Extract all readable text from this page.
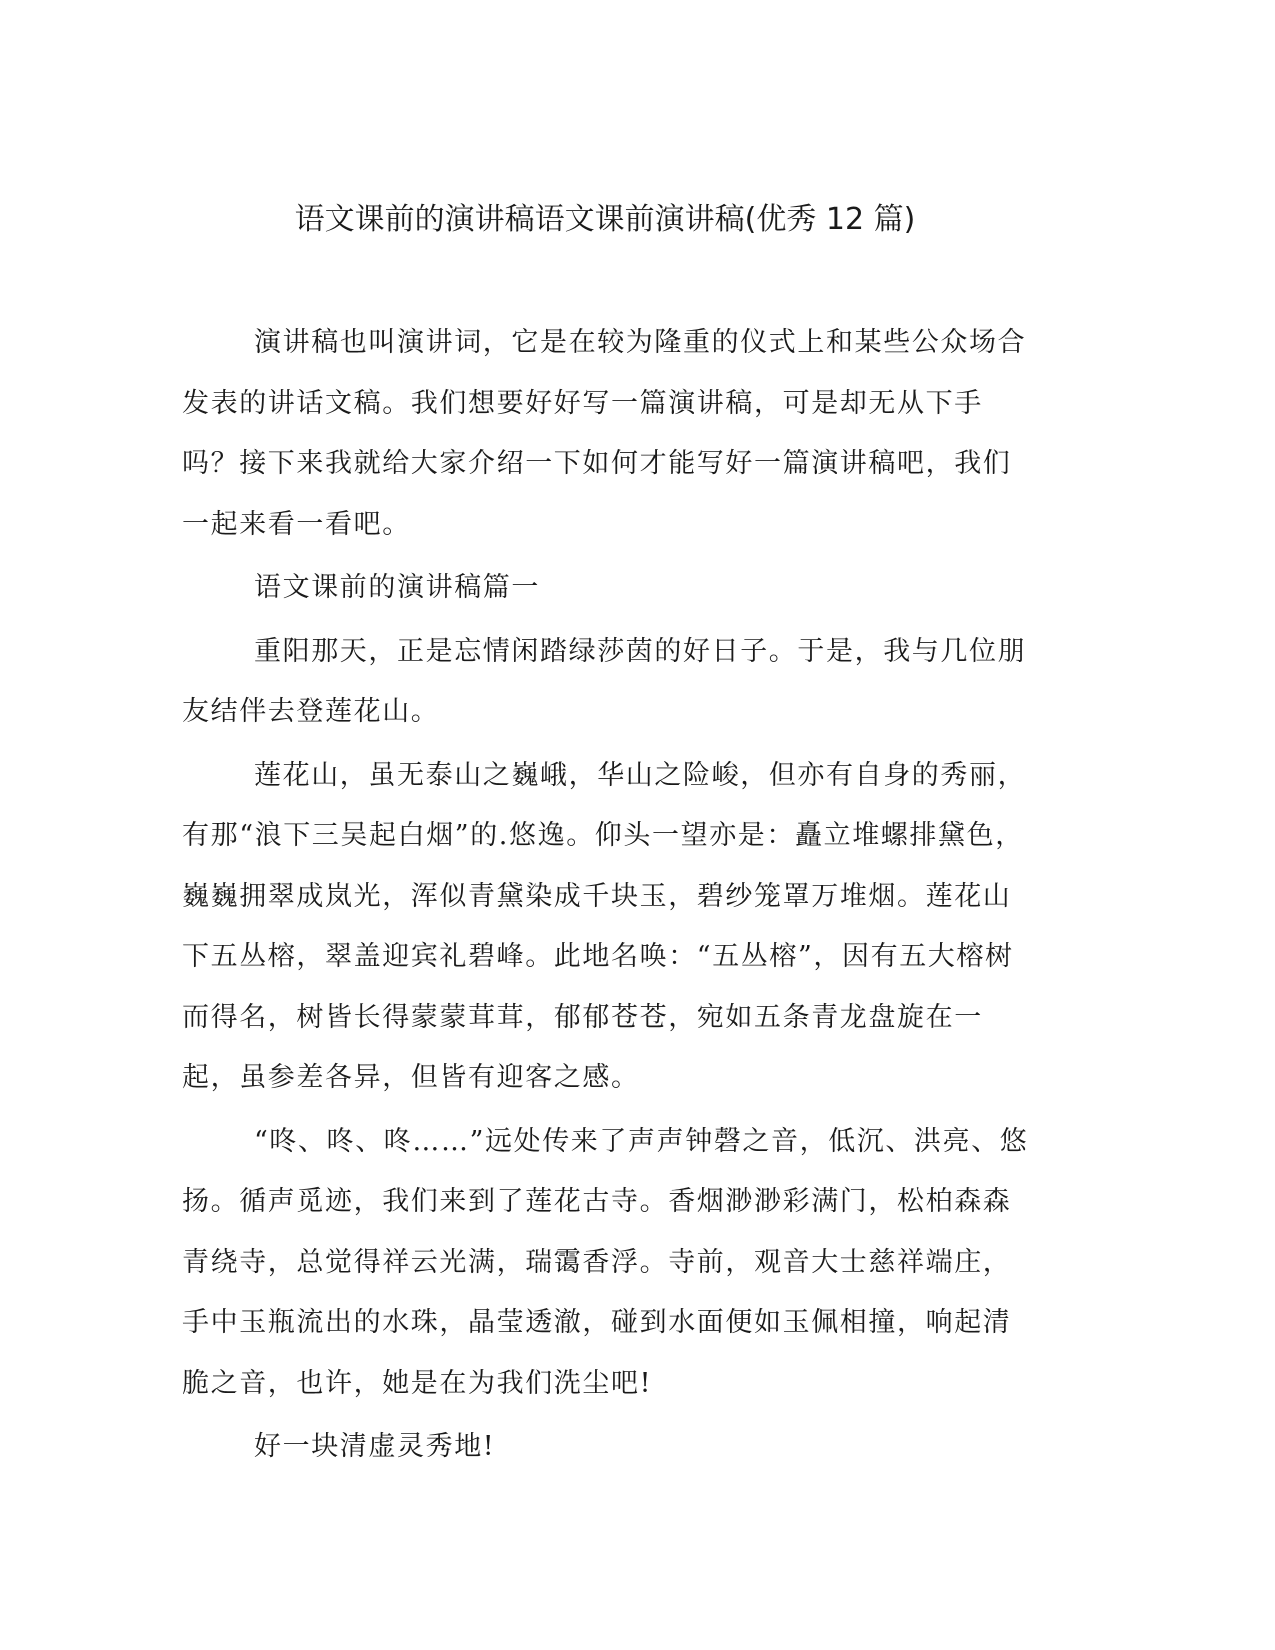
语文课前的演讲稿语文课前演讲稿(优秀 12 篇)

演讲稿也叫演讲词，它是在较为隆重的仪式上和某些公众场合发表的讲话文稿。我们想要好好写一篇演讲稿，可是却无从下手吗？接下来我就给大家介绍一下如何才能写好一篇演讲稿吧，我们一起来看一看吧。

语文课前的演讲稿篇一

重阳那天，正是忘情闲踏绿莎茵的好日子。于是，我与几位朋友结伴去登莲花山。

莲花山，虽无泰山之巍峨，华山之险峻，但亦有自身的秀丽，有那“浪下三吴起白烟”的.悠逸。仰头一望亦是：矗立堆螺排黛色，巍巍拥翠成岚光，浑似青黛染成千块玉，碧纱笼罩万堆烟。莲花山下五丛榕，翠盖迎宾礼碧峰。此地名唤：“五丛榕”，因有五大榕树而得名，树皆长得蒙蒙茸茸，郁郁苍苍，宛如五条青龙盘旋在一起，虽参差各异，但皆有迎客之感。

“咚、咚、咚……”远处传来了声声钟磬之音，低沉、洪亮、悠扬。循声觅迹，我们来到了莲花古寺。香烟渺渺彩满门，松柏森森青绕寺，总觉得祥云光满，瑞霭香浮。寺前，观音大士慈祥端庄，手中玉瓶流出的水珠，晶莹透澈，碰到水面便如玉佩相撞，响起清脆之音，也许，她是在为我们洗尘吧!

好一块清虚灵秀地!
